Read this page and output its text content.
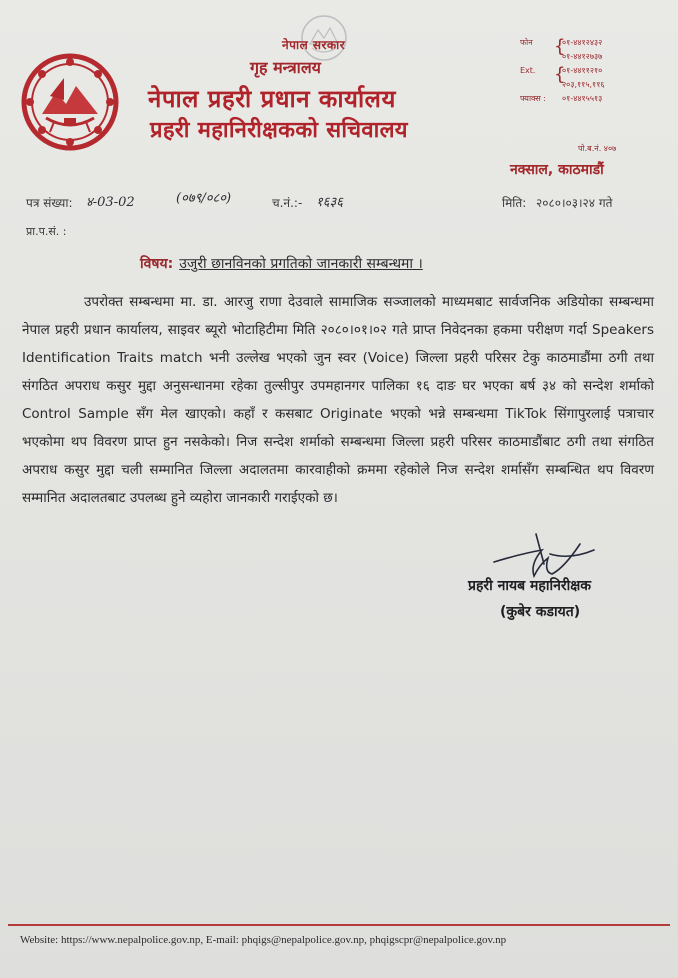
नेपाल सरकार
गृह मन्त्रालय
नेपाल प्रहरी प्रधान कार्यालय
प्रहरी महानिरीक्षकको सचिवालय
फोन	{
०१-४४१२४३२
०१-४४१२७३७
Ext.	{
०१-४४११२१०
२०३,११५,११६
फ्याक्स :	०१-४४१५५१३
पो.ब.नं. ४०७
नक्साल, काठमाडौं
पत्र संख्या: ४-03-02	(०७९/०८०)	च.नं.:- १६३६	मिति: २०८०।०३।२४ गते
प्रा.प.सं. :
विषय: उजुरी छानविनको प्रगतिको जानकारी सम्बन्धमा ।
उपरोक्त सम्बन्धमा मा. डा. आरजु राणा देउवाले सामाजिक सञ्जालको माध्यमबाट सार्वजनिक अडियोका सम्बन्धमा नेपाल प्रहरी प्रधान कार्यालय, साइवर ब्यूरो भोटाहिटीमा मिति २०८०।०१।०२ गते प्राप्त निवेदनका हकमा परीक्षण गर्दा Speakers Identification Traits match भनी उल्लेख भएको जुन स्वर (Voice) जिल्ला प्रहरी परिसर टेकु काठमाडौंमा ठगी तथा संगठित अपराध कसुर मुद्दा अनुसन्धानमा रहेका तुल्सीपुर उपमहानगर पालिका १६ दाङ घर भएका बर्ष ३४ को सन्देश शर्माको Control Sample सँग मेल खाएको। कहाँ र कसबाट Originate भएको भन्ने सम्बन्धमा TikTok सिंगापुरलाई पत्राचार भएकोमा थप विवरण प्राप्त हुन नसकेको। निज सन्देश शर्माको सम्बन्धमा जिल्ला प्रहरी परिसर काठमाडौंबाट ठगी तथा संगठित अपराध कसुर मुद्दा चली सम्मानित जिल्ला अदालतमा कारवाहीको क्रममा रहेकोले निज सन्देश शर्मासँग सम्बन्धित थप विवरण सम्मानित अदालतबाट उपलब्ध हुने व्यहोरा जानकारी गराईएको छ।
प्रहरी नायब महानिरीक्षक
(कुबेर कडायत)
Website: https://www.nepalpolice.gov.np, E-mail: phqigs@nepalpolice.gov.np, phqigscpr@nepalpolice.gov.np
